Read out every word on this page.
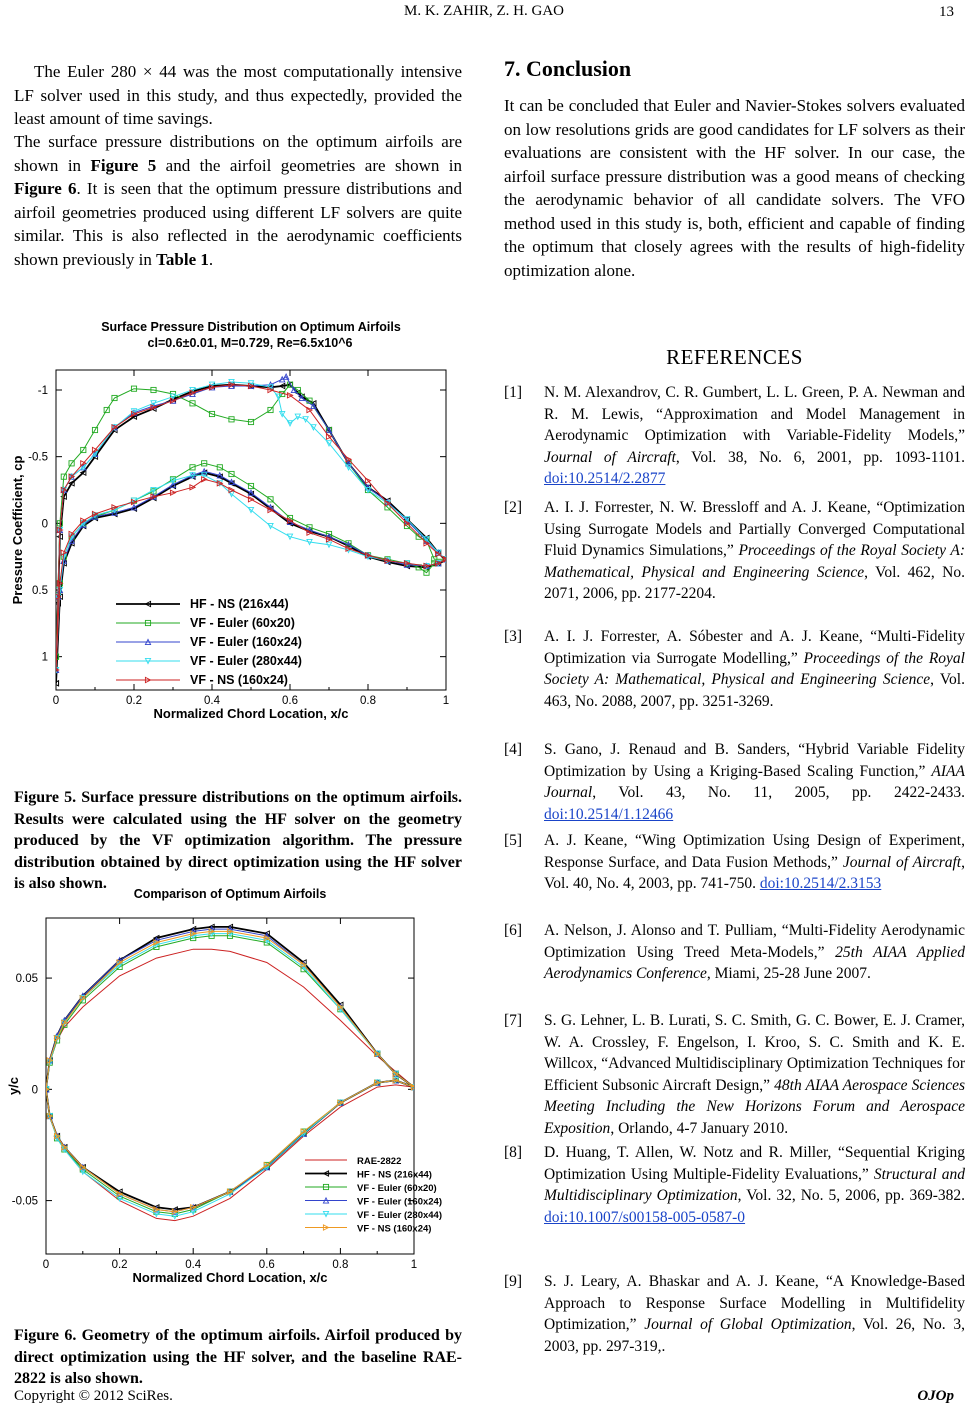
M. K. ZAHIR, Z. H. GAO	13
The Euler 280 × 44 was the most computationally intensive LF solver used in this study, and thus expectedly, provided the least amount of time savings.
The surface pressure distributions on the optimum airfoils are shown in Figure 5 and the airfoil geometries are shown in Figure 6. It is seen that the optimum pressure distributions and airfoil geometries produced using different LF solvers are quite similar. This is also reflected in the aerodynamic coefficients shown previously in Table 1.
Surface Pressure Distribution on Optimum Airfoils
0	0.2	0.4	0.6	0.8	1
-1
-0.5
0
0.5
1
Normalized Chord Location, x/c
Pressure Coefficient, cp	HF - NS (216x44)
VF - Euler (60x20)
VF - Euler (160x24)
VF - Euler (280x44)
VF - NS (160x24)
cl=0.6±0.01, M=0.729, Re=6.5x10^6
Figure 5. Surface pressure distributions on the optimum airfoils. Results were calculated using the HF solver on the geometry produced by the VF optimization algorithm. The pressure distribution obtained by direct optimization using the HF solver is also shown.
Comparison of Optimum Airfoils
0	0.2	0.4	0.6	0.8	1
0.05
0
-0.05
Normalized Chord Location, x/c
y/c
RAE-2822
HF - NS (216x44)
VF - Euler (60x20)
VF - Euler (160x24)
VF - Euler (280x44)
VF - NS (160x24)
Figure 6. Geometry of the optimum airfoils. Airfoil produced by direct optimization using the HF solver, and the baseline RAE-2822 is also shown.
7. Conclusion
It can be concluded that Euler and Navier-Stokes solvers evaluated on low resolutions grids are good candidates for LF solvers as their evaluations are consistent with the HF solver. In our case, the airfoil surface pressure distribution was a good means of checking the aerodynamic behavior of all candidate solvers. The VFO method used in this study is, both, efficient and capable of finding the optimum that closely agrees with the results of high-fidelity optimization alone.
REFERENCES
[1] N. M. Alexandrov, C. R. Gumbert, L. L. Green, P. A. Newman and R. M. Lewis, “Approximation and Model Management in Aerodynamic Optimization with Variable-Fidelity Models,” Journal of Aircraft, Vol. 38, No. 6, 2001, pp. 1093-1101. doi:10.2514/2.2877
[2] A. I. J. Forrester, N. W. Bressloff and A. J. Keane, “Optimization Using Surrogate Models and Partially Converged Computational Fluid Dynamics Simulations,” Proceedings of the Royal Society A: Mathematical, Physical and Engineering Science, Vol. 462, No. 2071, 2006, pp. 2177-2204.
[3] A. I. J. Forrester, A. Sóbester and A. J. Keane, “Multi-Fidelity Optimization via Surrogate Modelling,” Proceedings of the Royal Society A: Mathematical, Physical and Engineering Science, Vol. 463, No. 2088, 2007, pp. 3251-3269.
[4] S. Gano, J. Renaud and B. Sanders, “Hybrid Variable Fidelity Optimization by Using a Kriging-Based Scaling Function,” AIAA Journal, Vol. 43, No. 11, 2005, pp. 2422-2433. doi:10.2514/1.12466
[5] A. J. Keane, “Wing Optimization Using Design of Experiment, Response Surface, and Data Fusion Methods,” Journal of Aircraft, Vol. 40, No. 4, 2003, pp. 741-750. doi:10.2514/2.3153
[6] A. Nelson, J. Alonso and T. Pulliam, “Multi-Fidelity Aerodynamic Optimization Using Treed Meta-Models,” 25th AIAA Applied Aerodynamics Conference, Miami, 25-28 June 2007.
[7] S. G. Lehner, L. B. Lurati, S. C. Smith, G. C. Bower, E. J. Cramer, W. A. Crossley, F. Engelson, I. Kroo, S. C. Smith and K. E. Willcox, “Advanced Multidisciplinary Optimization Techniques for Efficient Subsonic Aircraft Design,” 48th AIAA Aerospace Sciences Meeting Including the New Horizons Forum and Aerospace Exposition, Orlando, 4-7 January 2010.
[8] D. Huang, T. Allen, W. Notz and R. Miller, “Sequential Kriging Optimization Using Multiple-Fidelity Evaluations,” Structural and Multidisciplinary Optimization, Vol. 32, No. 5, 2006, pp. 369-382. doi:10.1007/s00158-005-0587-0
[9] S. J. Leary, A. Bhaskar and A. J. Keane, “A Knowledge-Based Approach to Response Surface Modelling in Multifidelity Optimization,” Journal of Global Optimization, Vol. 26, No. 3, 2003, pp. 297-319,.
Copyright © 2012 SciRes.	OJOp
